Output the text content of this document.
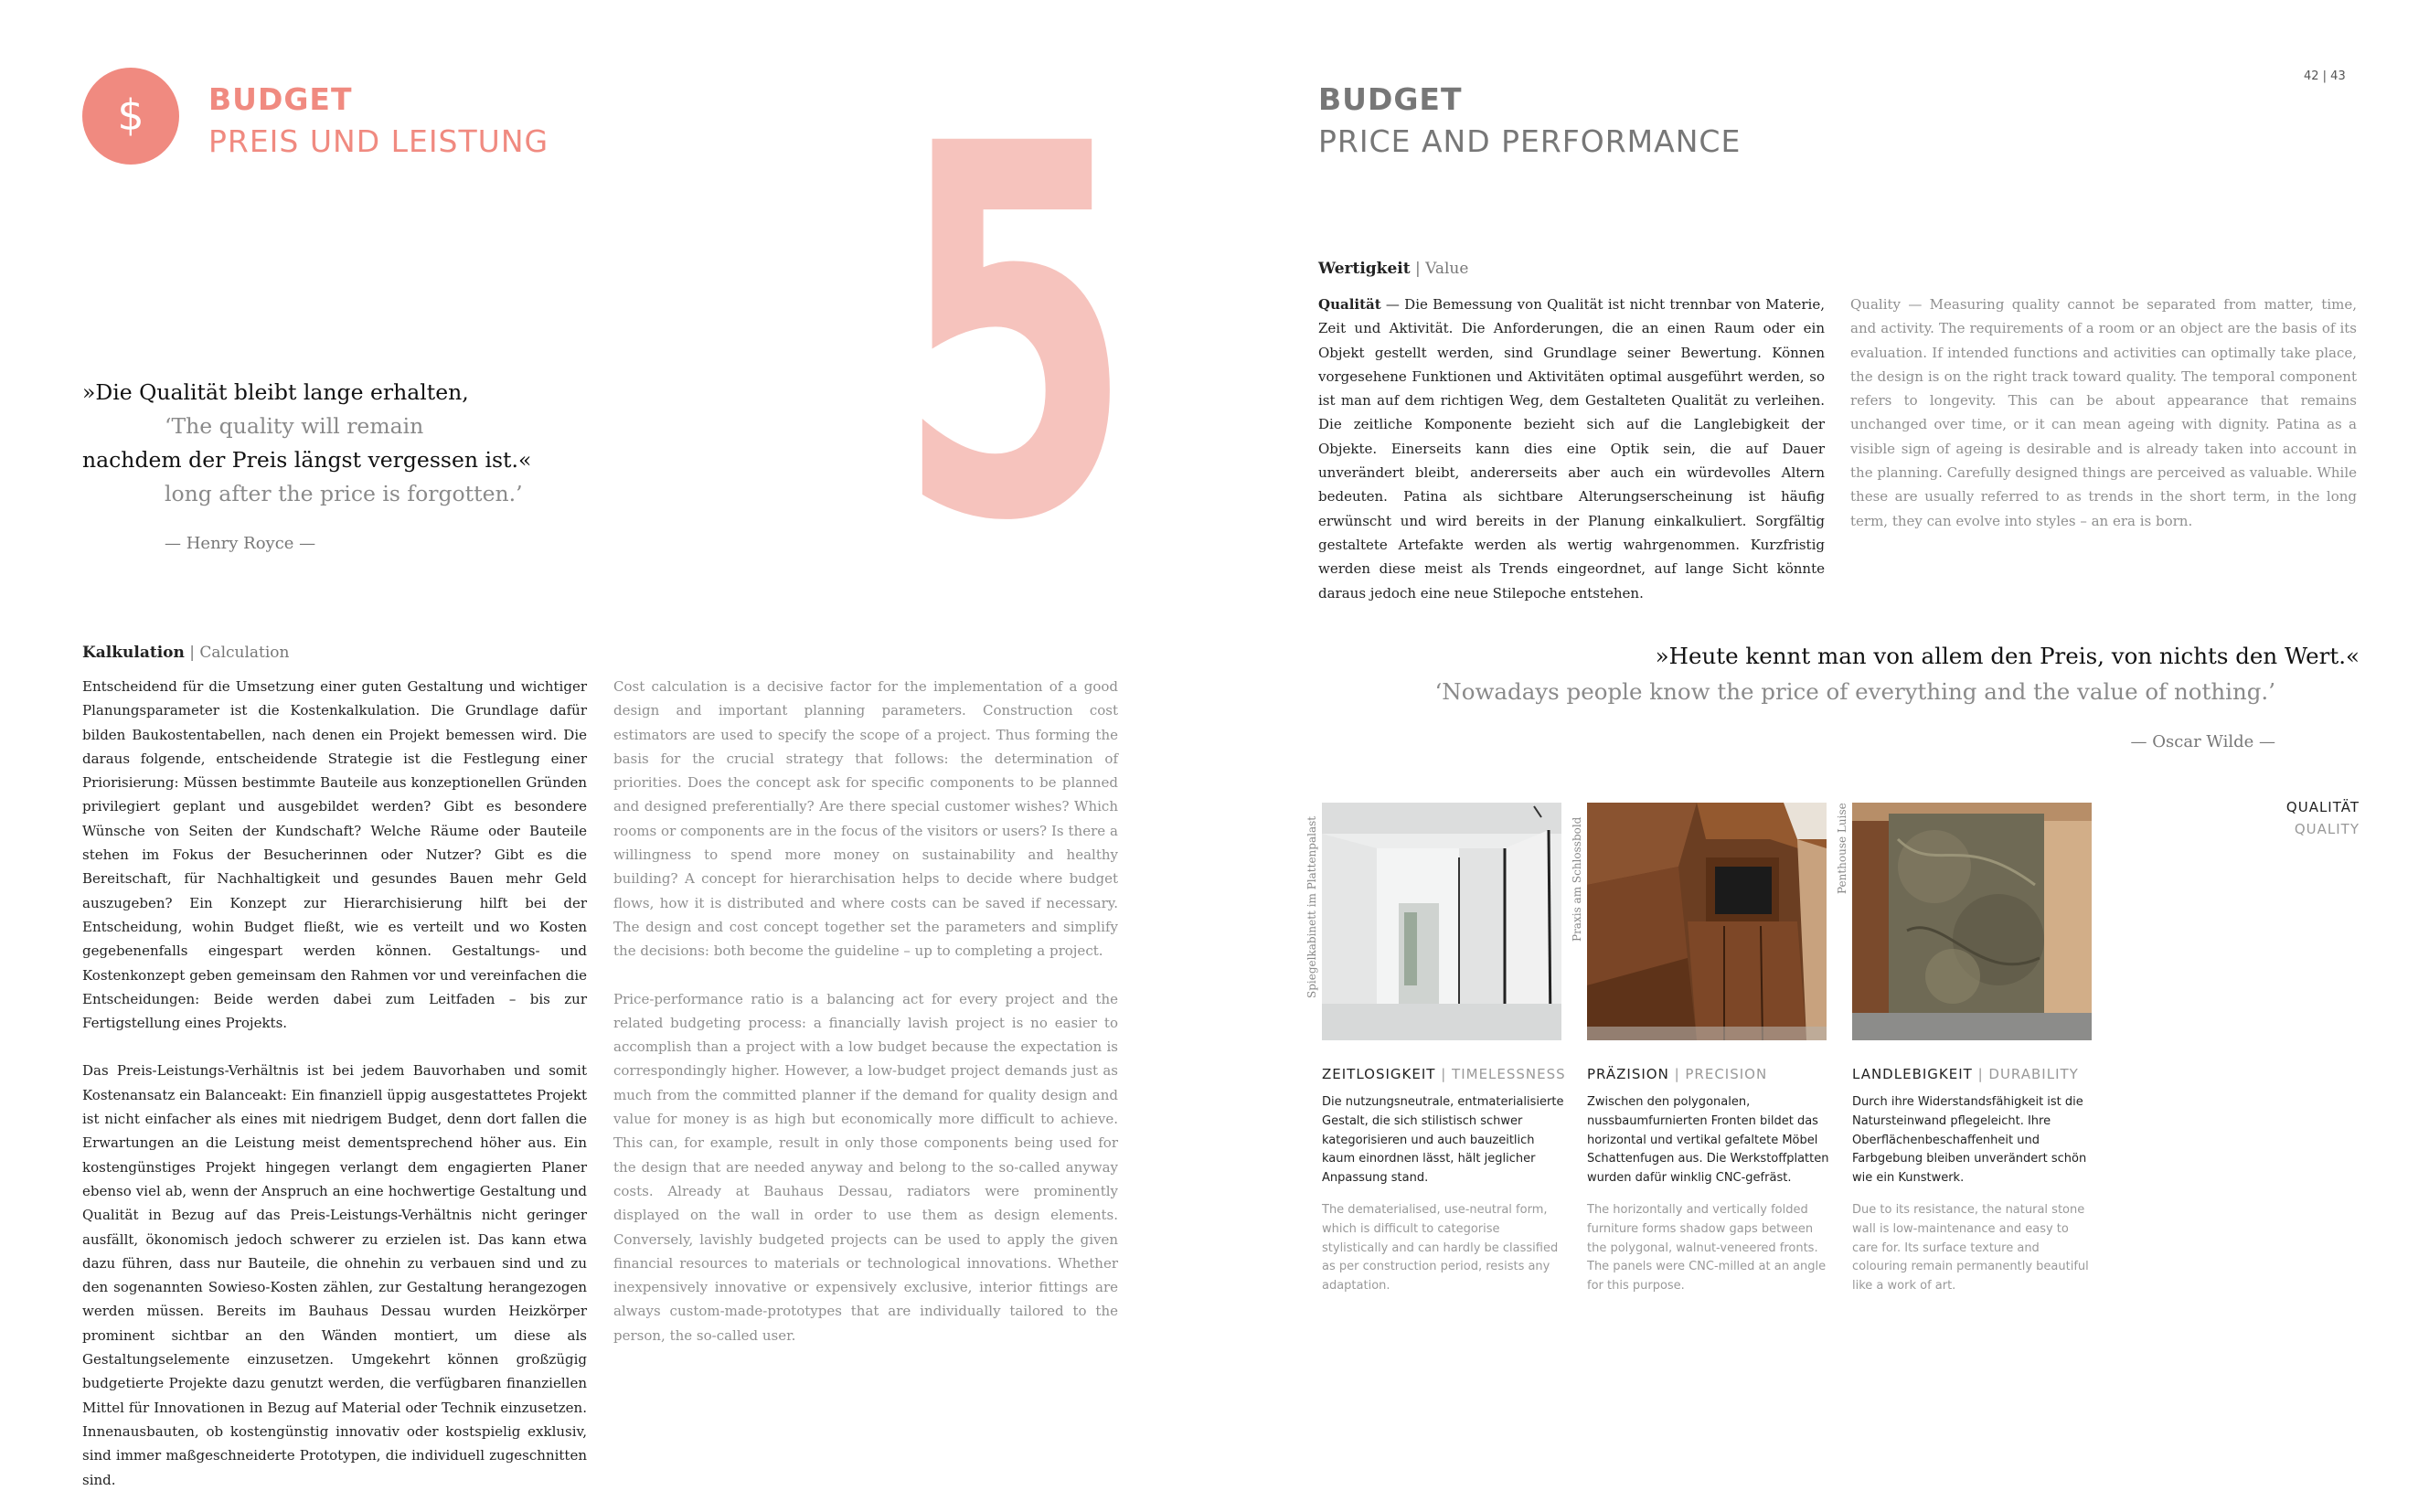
42 | 43
$ BUDGET
PREIS UND LEISTUNG 5
»Die Qualität bleibt lange erhalten,
‘The quality will remain
nachdem der Preis längst vergessen ist.«
long after the price is forgotten.’
— Henry Royce —
Kalkulation | Calculation

Entscheidend für die Umsetzung einer guten Gestaltung und wichtiger Planungsparameter ist die Kostenkalkulation. Die Grundlage dafür bilden Baukostentabellen, nach denen ein Projekt bemessen wird. Die daraus folgende, entscheidende Strategie ist die Festlegung einer Priorisierung: Müssen bestimmte Bauteile aus konzeptionellen Gründen privilegiert geplant und ausgebildet werden? Gibt es besondere Wünsche von Seiten der Kundschaft? Welche Räume oder Bauteile stehen im Fokus der Besucherinnen oder Nutzer? Gibt es die Bereitschaft, für Nachhaltigkeit und gesundes Bauen mehr Geld auszugeben? Ein Konzept zur Hierarchisierung hilft bei der Entscheidung, wohin Budget fließt, wie es verteilt und wo Kosten gegebenenfalls eingespart werden können. Gestaltungs- und Kostenkonzept geben gemeinsam den Rahmen vor und vereinfachen die Entscheidungen: Beide werden dabei zum Leitfaden – bis zur Fertigstellung eines Projekts.

Das Preis-Leistungs-Verhältnis ist bei jedem Bauvorhaben und somit Kostenansatz ein Balanceakt: Ein finanziell üppig ausgestattetes Projekt ist nicht einfacher als eines mit niedrigem Budget, denn dort fallen die Erwartungen an die Leistung meist dementsprechend höher aus. Ein kostengünstiges Projekt hingegen verlangt dem engagierten Planer ebenso viel ab, wenn der Anspruch an eine hochwertige Gestaltung und Qualität in Bezug auf das Preis-Leistungs-Verhältnis nicht geringer ausfällt, ökonomisch jedoch schwerer zu erzielen ist. Das kann etwa dazu führen, dass nur Bauteile, die ohnehin zu verbauen sind und zu den sogenannten Sowieso-Kosten zählen, zur Gestaltung herangezogen werden müssen. Bereits im Bauhaus Dessau wurden Heizkörper prominent sichtbar an den Wänden montiert, um diese als Gestaltungselemente einzusetzen. Umgekehrt können großzügig budgetierte Projekte dazu genutzt werden, die verfügbaren finanziellen Mittel für Innovationen in Bezug auf Material oder Technik einzusetzen. Innenausbauten, ob kostengünstig innovativ oder kostspielig exklusiv, sind immer maßgeschneiderte Prototypen, die individuell zugeschnitten sind.

Cost calculation is a decisive factor for the implementation of a good design and important planning parameters. Construction cost estimators are used to specify the scope of a project. Thus forming the basis for the crucial strategy that follows: the determination of priorities. Does the concept ask for specific components to be planned and designed preferentially? Are there special customer wishes? Which rooms or components are in the focus of the visitors or users? Is there a willingness to spend more money on sustainability and healthy building? A concept for hierarchisation helps to decide where budget flows, how it is distributed and where costs can be saved if necessary. The design and cost concept together set the parameters and simplify the decisions: both become the guideline – up to completing a project.

Price-performance ratio is a balancing act for every project and the related budgeting process: a financially lavish project is no easier to accomplish than a project with a low budget because the expectation is correspondingly higher. However, a low-budget project demands just as much from the committed planner if the demand for quality design and value for money is as high but economically more difficult to achieve. This can, for example, result in only those components being used for the design that are needed anyway and belong to the so-called anyway costs. Already at Bauhaus Dessau, radiators were prominently displayed on the wall in order to use them as design elements. Conversely, lavishly budgeted projects can be used to apply the given financial resources to materials or technological innovations. Whether inexpensively innovative or expensively exclusive, interior fittings are always custom-made-prototypes that are individually tailored to the person, the so-called user.

BUDGET
PRICE AND PERFORMANCE
Wertigkeit | Value

Qualität — Die Bemessung von Qualität ist nicht trennbar von Materie, Zeit und Aktivität. Die Anforderungen, die an einen Raum oder ein Objekt gestellt werden, sind Grundlage seiner Bewertung. Können vorgesehene Funktionen und Aktivitäten optimal ausgeführt werden, so ist man auf dem richtigen Weg, dem Gestalteten Qualität zu verleihen. Die zeitliche Komponente bezieht sich auf die Langlebigkeit der Objekte. Einerseits kann dies eine Optik sein, die auf Dauer unverändert bleibt, andererseits aber auch ein würdevolles Altern bedeuten. Patina als sichtbare Alterungserscheinung ist häufig erwünscht und wird bereits in der Planung einkalkuliert. Sorgfältig gestaltete Artefakte werden als wertig wahrgenommen. Kurzfristig werden diese meist als Trends eingeordnet, auf lange Sicht könnte daraus jedoch eine neue Stilepoche entstehen.

Quality — Measuring quality cannot be separated from matter, time, and activity. The requirements of a room or an object are the basis of its evaluation. If intended functions and activities can optimally take place, the design is on the right track toward quality. The temporal component refers to longevity. This can be about appearance that remains unchanged over time, or it can mean ageing with dignity. Patina as a visible sign of ageing is desirable and is already taken into account in the planning. Carefully designed things are perceived as valuable. While these are usually referred to as trends in the short term, in the long term, they can evolve into styles – an era is born.

»Heute kennt man von allem den Preis, von nichts den Wert.«
‘Nowadays people know the price of everything and the value of nothing.’
— Oscar Wilde —
QUALITÄT
QUALITY
Spiegelkabinett im Plattenpalast	Praxis am Schlossbold	Penthouse Luise
ZEITLOSIGKEIT | TIMELESSNESS
Die nutzungsneutrale, entmaterialisierte Gestalt, die sich stilistisch schwer kategorisieren und auch bauzeitlich kaum einordnen lässt, hält jeglicher Anpassung stand.
The dematerialised, use-neutral form, which is difficult to categorise stylistically and can hardly be classified as per construction period, resists any adaptation.
PRÄZISION | PRECISION
Zwischen den polygonalen, nussbaumfurnierten Fronten bildet das horizontal und vertikal gefaltete Möbel Schattenfugen aus. Die Werkstoffplatten wurden dafür winklig CNC-gefräst.
The horizontally and vertically folded furniture forms shadow gaps between the polygonal, walnut-veneered fronts. The panels were CNC-milled at an angle for this purpose.
LANDLEBIGKEIT | DURABILITY
Durch ihre Widerstandsfähigkeit ist die Natursteinwand pflegeleicht. Ihre Oberflächenbeschaffenheit und Farbgebung bleiben unverändert schön wie ein Kunstwerk.
Due to its resistance, the natural stone wall is low-maintenance and easy to care for. Its surface texture and colouring remain permanently beautiful like a work of art.
